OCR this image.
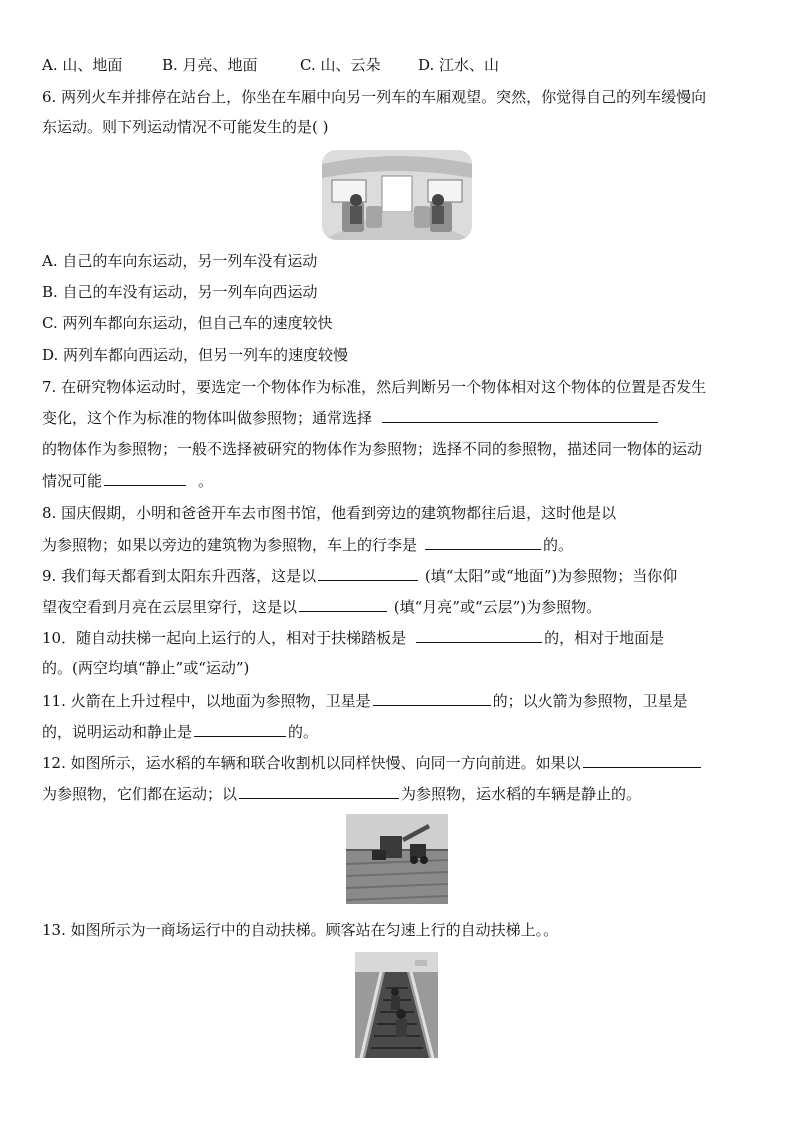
A. 山、地面	B. 月亮、地面	C. 山、云朵	D. 江水、山
6. 两列火车并排停在站台上，你坐在车厢中向另一列车的车厢观望。突然，你觉得自己的列车缓慢向
东运动。则下列运动情况不可能发生的是( )
A. 自己的车向东运动，另一列车没有运动
B. 自己的车没有运动，另一列车向西运动
C. 两列车都向东运动，但自己车的速度较快
D. 两列车都向西运动，但另一列车的速度较慢
7. 在研究物体运动时，要选定一个物体作为标准，然后判断另一个物体相对这个物体的位置是否发生
变化，这个作为标准的物体叫做参照物；通常选择
的物体作为参照物；一般不选择被研究的物体作为参照物；选择不同的参照物，描述同一物体的运动
情况可能	。
8. 国庆假期，小明和爸爸开车去市图书馆，他看到旁边的建筑物都往后退，这时他是以
为参照物；如果以旁边的建筑物为参照物，车上的行李是	的。
9. 我们每天都看到太阳东升西落，这是以	(填“太阳”或“地面”)为参照物；当你仰
望夜空看到月亮在云层里穿行，这是以	(填“月亮”或“云层”)为参照物。
10．随自动扶梯一起向上运行的人，相对于扶梯踏板是	的，相对于地面是
的。(两空均填“静止”或“运动”)
11. 火箭在上升过程中，以地面为参照物，卫星是	的；以火箭为参照物，卫星是
的，说明运动和静止是	的。
12. 如图所示，运水稻的车辆和联合收割机以同样快慢、向同一方向前进。如果以
为参照物，它们都在运动；以	为参照物，运水稻的车辆是静止的。
13. 如图所示为一商场运行中的自动扶梯。顾客站在匀速上行的自动扶梯上。。
